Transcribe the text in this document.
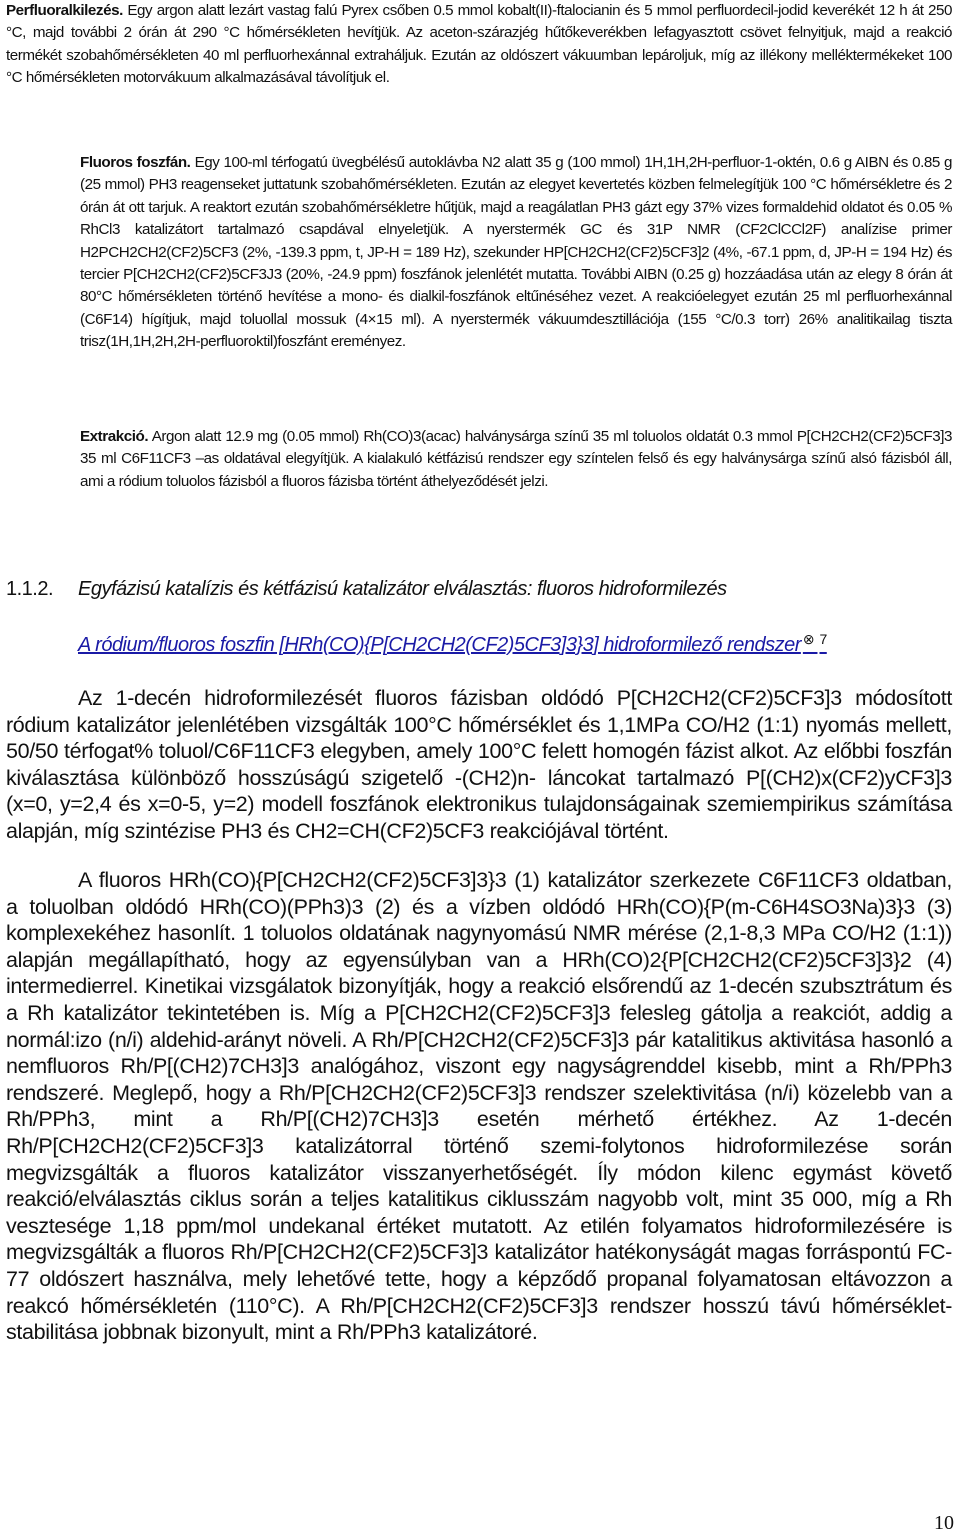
Perfluoralkilezés. Egy argon alatt lezárt vastag falú Pyrex csőben 0.5 mmol kobalt(II)-ftalocianin és 5 mmol perfluordecil-jodid keverékét 12 h át 250 °C, majd további 2 órán át 290 °C hőmérsékleten hevítjük. Az aceton-szárazjég hűtőkeverékben lefagyasztott csövet felnyitjuk, majd a reakció termékét szobahőmérsékleten 40 ml perfluorhexánnal extraháljuk. Ezután az oldószert vákuumban lepároljuk, míg az illékony melléktermékeket 100 °C hőmérsékleten motorvákuum alkalmazásával távolítjuk el.

Fluoros foszfán. Egy 100-ml térfogatú üvegbélésű autoklávba N2 alatt 35 g (100 mmol) 1H,1H,2H-perfluor-1-oktén, 0.6 g AIBN és 0.85 g (25 mmol) PH3 reagenseket juttatunk szobahőmérsékleten. Ezután az elegyet kevertetés közben felmelegítjük 100 °C hőmérsékletre és 2 órán át ott tarjuk. A reaktort ezután szobahőmérsékletre hűtjük, majd a reagálatlan PH3 gázt egy 37% vizes formaldehid oldatot és 0.05 % RhCl3 katalizátort tartalmazó csapdával elnyeletjük. A nyerstermék GC és 31P NMR (CF2ClCCl2F) analízise primer H2PCH2CH2(CF2)5CF3 (2%, -139.3 ppm, t, JP-H = 189 Hz), szekunder HP[CH2CH2(CF2)5CF3]2 (4%, -67.1 ppm, d, JP-H = 194 Hz) és tercier P[CH2CH2(CF2)5CF3J3 (20%, -24.9 ppm) foszfánok jelenlétét mutatta. További AIBN (0.25 g) hozzáadása után az elegy 8 órán át 80°C hőmérsékleten történő hevítése a mono- és dialkil-foszfánok eltűnéséhez vezet. A reakcióelegyet ezután 25 ml perfluorhexánnal (C6F14) hígítjuk, majd toluollal mossuk (4×15 ml). A nyerstermék vákuumdesztillációja (155 °C/0.3 torr) 26% analitikailag tiszta trisz(1H,1H,2H,2H-perfluoroktil)foszfánt ereményez.

Extrakció. Argon alatt 12.9 mg (0.05 mmol) Rh(CO)3(acac) halványsárga színű 35 ml toluolos oldatát 0.3 mmol P[CH2CH2(CF2)5CF3]3 35 ml C6F11CF3 –as oldatával elegyítjük. A kialakuló kétfázisú rendszer egy színtelen felső és egy halványsárga színű alsó fázisból áll, ami a ródium toluolos fázisból a fluoros fázisba történt áthelyeződését jelzi.

1.1.2. Egyfázisú katalízis és kétfázisú katalizátor elválasztás: fluoros hidroformilezés
A ródium/fluoros foszfin [HRh(CO){P[CH2CH2(CF2)5CF3]3}3] hidroformilező rendszer ⊗ $^7$

Az 1-decén hidroformilezését fluoros fázisban oldódó P[CH2CH2(CF2)5CF3]3 módosított ródium katalizátor jelenlétében vizsgálták 100°C hőmérséklet és 1,1MPa CO/H2 (1:1) nyomás mellett, 50/50 térfogat% toluol/C6F11CF3 elegyben, amely 100°C felett homogén fázist alkot. Az előbbi foszfán kiválasztása különböző hosszúságú szigetelő -(CH2)n- láncokat tartalmazó P[(CH2)x(CF2)yCF3]3 (x=0, y=2,4 és x=0-5, y=2) modell foszfánok elektronikus tulajdonságainak szemiempirikus számítása alapján, míg szintézise PH3 és CH2=CH(CF2)5CF3 reakciójával történt.

A fluoros HRh(CO){P[CH2CH2(CF2)5CF3]3}3 (1) katalizátor szerkezete C6F11CF3 oldatban, a toluolban oldódó HRh(CO)(PPh3)3 (2) és a vízben oldódó HRh(CO){P(m-C6H4SO3Na)3}3 (3) komplexekéhez hasonlít. 1 toluolos oldatának nagynyomású NMR mérése (2,1-8,3 MPa CO/H2 (1:1)) alapján megállapítható, hogy az egyensúlyban van a HRh(CO)2{P[CH2CH2(CF2)5CF3]3}2 (4) intermedierrel. Kinetikai vizsgálatok bizonyítják, hogy a reakció elsőrendű az 1-decén szubsztrátum és a Rh katalizátor tekintetében is. Míg a P[CH2CH2(CF2)5CF3]3 felesleg gátolja a reakciót, addig a normál:izo (n/i) aldehid-arányt növeli. A Rh/P[CH2CH2(CF2)5CF3]3 pár katalitikus aktivitása hasonló a nemfluoros Rh/P[(CH2)7CH3]3 analógához, viszont egy nagyságrenddel kisebb, mint a Rh/PPh3 rendszeré. Meglepő, hogy a Rh/P[CH2CH2(CF2)5CF3]3 rendszer szelektivitása (n/i) közelebb van a Rh/PPh3, mint a Rh/P[(CH2)7CH3]3 esetén mérhető értékhez. Az 1-decén Rh/P[CH2CH2(CF2)5CF3]3 katalizátorral történő szemi-folytonos hidroformilezése során megvizsgálták a fluoros katalizátor visszanyerhetőségét. Íly módon kilenc egymást követő reakció/elválasztás ciklus során a teljes katalitikus ciklusszám nagyobb volt, mint 35 000, míg a Rh vesztesége 1,18 ppm/mol undekanal értéket mutatott. Az etilén folyamatos hidroformilezésére is megvizsgálták a fluoros Rh/P[CH2CH2(CF2)5CF3]3 katalizátor hatékonyságát magas forráspontú FC-77 oldószert használva, mely lehetővé tette, hogy a képződő propanal folyamatosan eltávozzon a reakcó hőmérsékletén (110°C). A Rh/P[CH2CH2(CF2)5CF3]3 rendszer hosszú távú hőmérséklet-stabilitása jobbnak bizonyult, mint a Rh/PPh3 katalizátoré.

10
